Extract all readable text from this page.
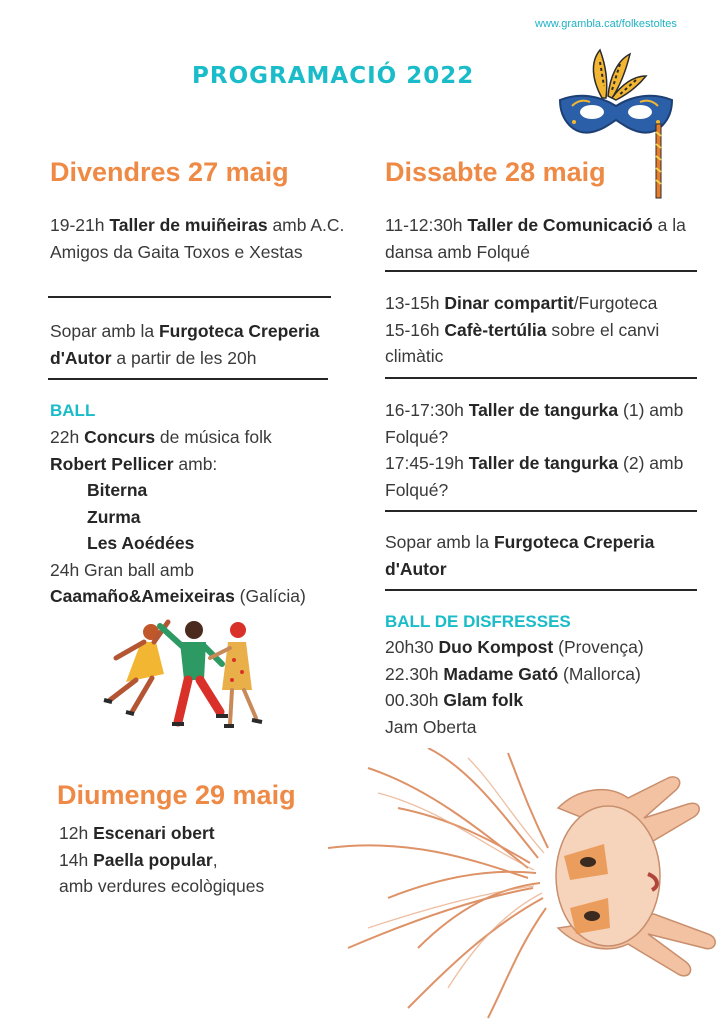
www.grambla.cat/folkestoltes
PROGRAMACIÓ 2022
Divendres 27 maig
19-21h Taller de muiñeiras amb A.C. Amigos da Gaita Toxos e Xestas
Sopar amb la Furgoteca Creperia d'Autor a partir de les 20h
BALL
22h Concurs de música folk
Robert Pellicer amb:
Biterna
Zurma
Les Aoédées
24h Gran ball amb
Caamaño&Ameixeiras (Galícia)
Dissabte 28 maig
11-12:30h Taller de Comunicació a la dansa amb Folqué
13-15h Dinar compartit/Furgoteca
15-16h Cafè-tertúlia sobre el canvi climàtic
16-17:30h Taller de tangurka (1) amb Folqué?
17:45-19h Taller de tangurka (2) amb Folqué?
Sopar amb la Furgoteca Creperia d'Autor
BALL DE DISFRESSES
20h30 Duo Kompost (Provença)
22.30h Madame Gató (Mallorca)
00.30h Glam folk
Jam Oberta
Diumenge 29 maig
12h Escenari obert
14h Paella popular,
amb verdures ecològiques
